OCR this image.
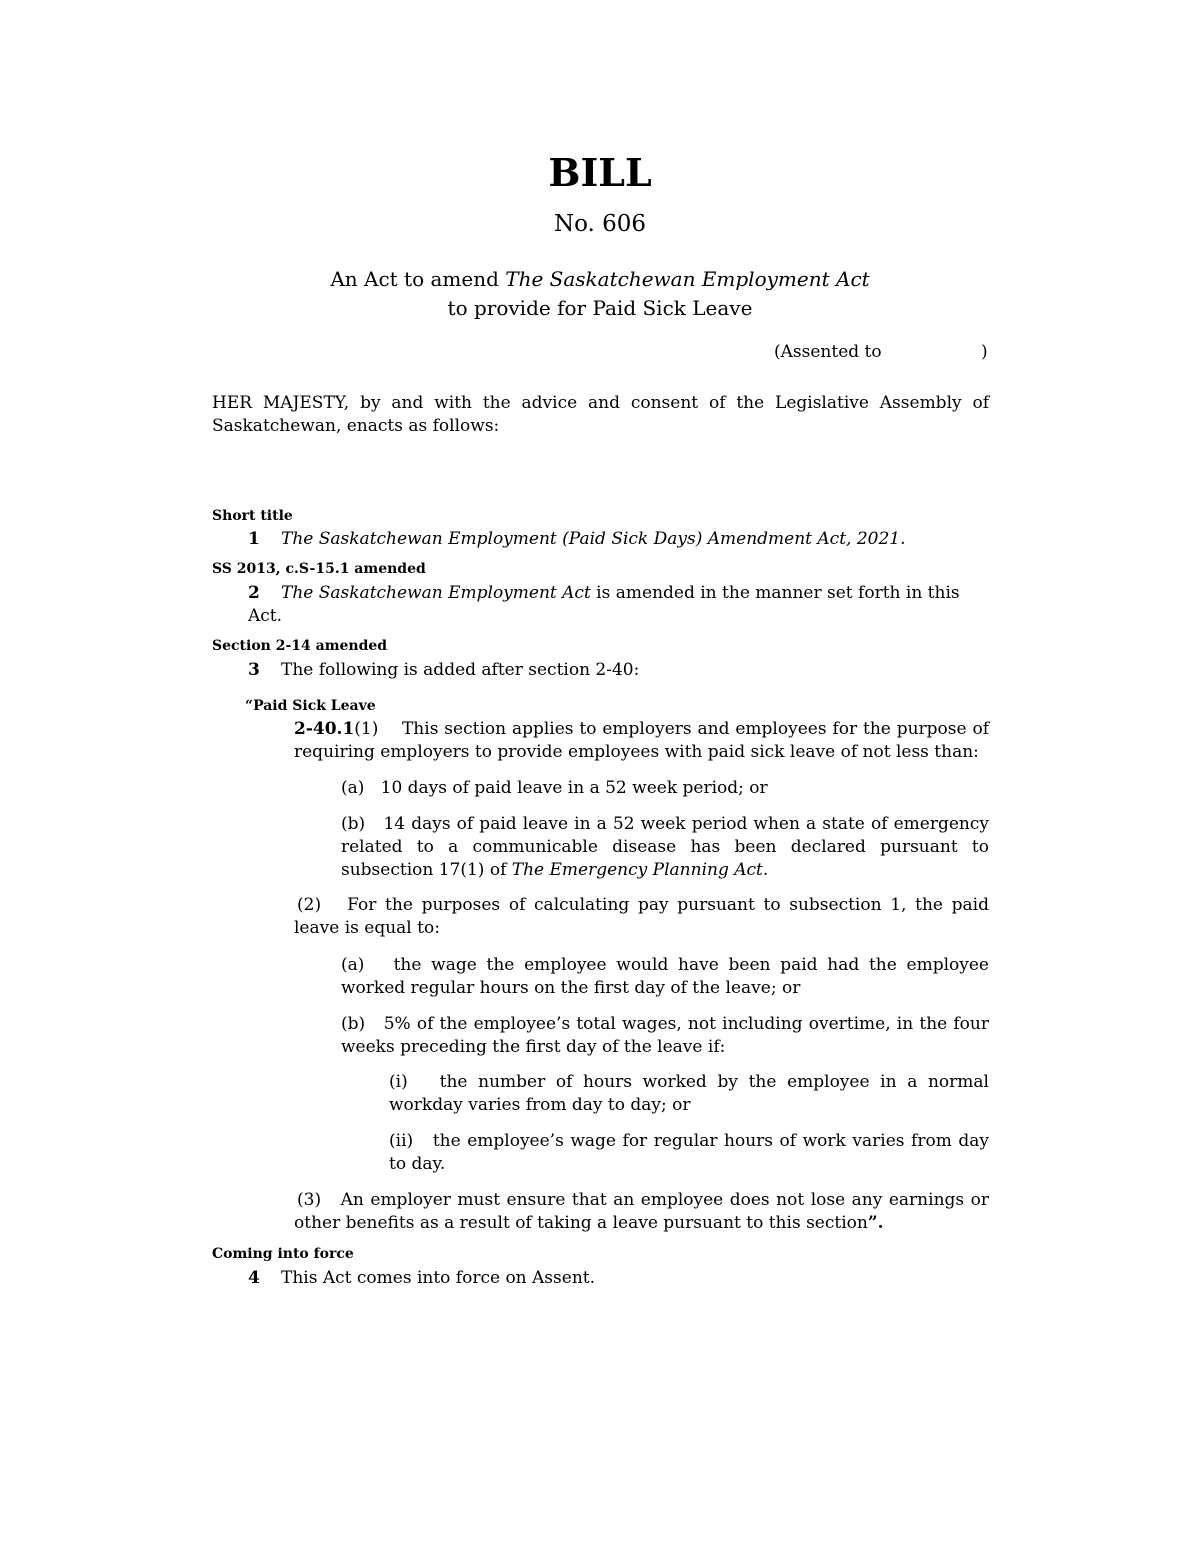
BILL
No. 606
An Act to amend The Saskatchewan Employment Act
to provide for Paid Sick Leave
(Assented to	)
HER MAJESTY, by and with the advice and consent of the Legislative Assembly of Saskatchewan, enacts as follows:
Short title
1 The Saskatchewan Employment (Paid Sick Days) Amendment Act, 2021.
SS 2013, c.S-15.1 amended
2	The Saskatchewan Employment Act is amended in the manner set forth in this Act.
Section 2-14 amended
3 The following is added after section 2-40:
“Paid Sick Leave
2-40.1(1) This section applies to employers and employees for the purpose of requiring employers to provide employees with paid sick leave of not less than:
(a) 10 days of paid leave in a 52 week period; or
(b) 14 days of paid leave in a 52 week period when a state of emergency related to a communicable disease has been declared pursuant to subsection 17(1) of The Emergency Planning Act.
(2) For the purposes of calculating pay pursuant to subsection 1, the paid leave is equal to:
(a) the wage the employee would have been paid had the employee worked regular hours on the first day of the leave; or
(b) 5% of the employee’s total wages, not including overtime, in the four weeks preceding the first day of the leave if:
(i) the number of hours worked by the employee in a normal workday varies from day to day; or
(ii) the employee’s wage for regular hours of work varies from day to day.
(3) An employer must ensure that an employee does not lose any earnings or other benefits as a result of taking a leave pursuant to this section”.
Coming into force
4 This Act comes into force on Assent.
